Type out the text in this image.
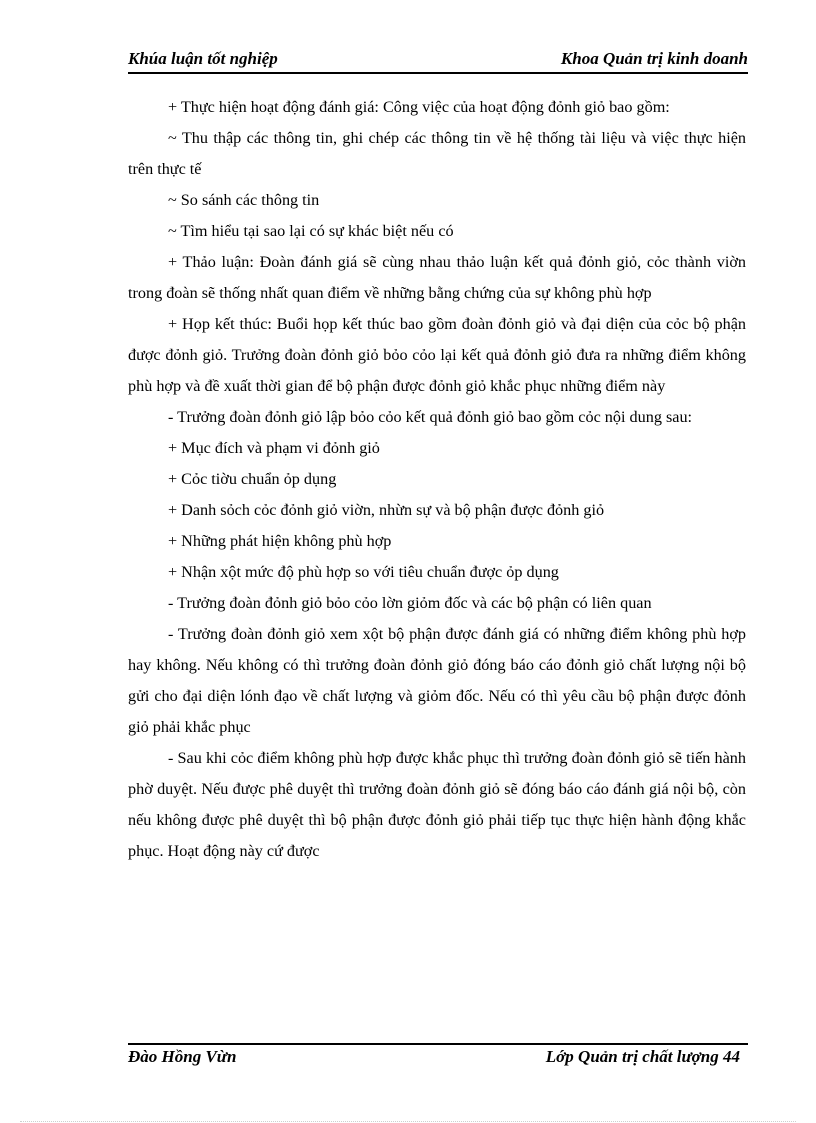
Khúa luận tốt nghiệp	Khoa Quản trị kinh doanh

+ Thực hiện hoạt động đánh giá: Công việc của hoạt động đỏnh giỏ bao gồm:

~ Thu thập các thông tin, ghi chép các thông tin về hệ thống tài liệu và việc thực hiện trên thực tế

~ So sánh các thông tin

~ Tìm hiểu tại sao lại có sự khác biệt nếu có

+ Thảo luận: Đoàn đánh giá sẽ cùng nhau thảo luận kết quả đỏnh giỏ, cỏc thành viờn trong đoàn sẽ thống nhất quan điểm về những bằng chứng của sự không phù hợp

+ Họp kết thúc: Buổi họp kết thúc bao gồm đoàn đỏnh giỏ và đại diện của cỏc bộ phận được đỏnh giỏ. Trưởng đoàn đỏnh giỏ bỏo cỏo lại kết quả đỏnh giỏ đưa ra những điểm không phù hợp và đề xuất thời gian để bộ phận được đỏnh giỏ khắc phục những điểm này

- Trưởng đoàn đỏnh giỏ lập bỏo cỏo kết quả đỏnh giỏ bao gồm cỏc nội dung sau:

+ Mục đích và phạm vi đỏnh giỏ

+ Cỏc tiờu chuẩn ỏp dụng

+ Danh sỏch cỏc đỏnh giỏ viờn, nhừn sự và bộ phận được đỏnh giỏ

+ Những phát hiện không phù hợp

+ Nhận xột mức độ phù hợp so với tiêu chuẩn được ỏp dụng

- Trưởng đoàn đỏnh giỏ bỏo cỏo lờn giỏm đốc và các bộ phận có liên quan

- Trưởng đoàn đỏnh giỏ xem xột bộ phận được đánh giá có những điểm không phù hợp hay không. Nếu không có thì trưởng đoàn đỏnh giỏ đóng báo cáo đỏnh giỏ chất lượng nội bộ gửi cho đại diện lónh đạo về chất lượng và giỏm đốc. Nếu có thì yêu cầu bộ phận được đỏnh giỏ phải khắc phục

- Sau khi cỏc điểm không phù hợp được khắc phục thì trưởng đoàn đỏnh giỏ sẽ tiến hành phờ duyệt. Nếu được phê duyệt thì trưởng đoàn đỏnh giỏ sẽ đóng báo cáo đánh giá nội bộ, còn nếu không được phê duyệt thì bộ phận được đỏnh giỏ phải tiếp tục thực hiện hành động khắc phục. Hoạt động này cứ được

Đào Hồng Vừn	Lớp Quản trị chất lượng 44
